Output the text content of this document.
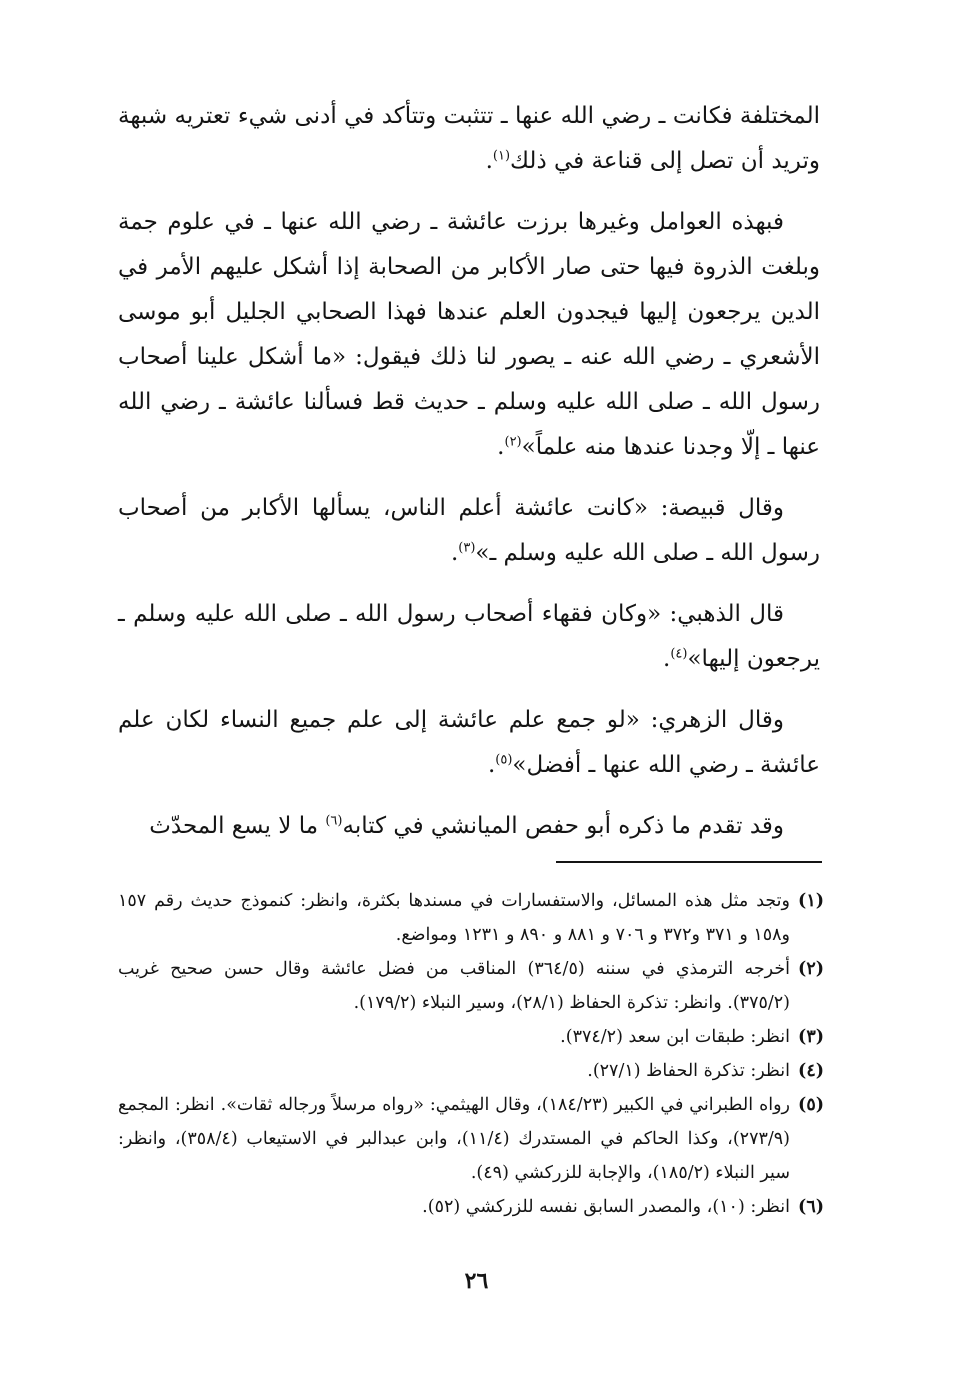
المختلفة فكانت ـ رضي الله عنها ـ تتثبت وتتأكد في أدنى شيء تعتريه شبهة وتريد أن تصل إلى قناعة في ذلك$^{(١)}$.

فبهذه العوامل وغيرها برزت عائشة ـ رضي الله عنها ـ في علوم جمة وبلغت الذروة فيها حتى صار الأكابر من الصحابة إذا أشكل عليهم الأمر في الدين يرجعون إليها فيجدون العلم عندها فهذا الصحابي الجليل أبو موسى الأشعري ـ رضي الله عنه ـ يصور لنا ذلك فيقول: «ما أشكل علينا أصحاب رسول الله ـ صلى الله عليه وسلم ـ حديث قط فسألنا عائشة ـ رضي الله عنها ـ إلّا وجدنا عندها منه علماً»$^{(٢)}$.

وقال قبيصة: «كانت عائشة أعلم الناس، يسألها الأكابر من أصحاب رسول الله ـ صلى الله عليه وسلم ـ»$^{(٣)}$.

قال الذهبي: «وكان فقهاء أصحاب رسول الله ـ صلى الله عليه وسلم ـ يرجعون إليها»$^{(٤)}$.

وقال الزهري: «لو جمع علم عائشة إلى علم جميع النساء لكان علم عائشة ـ رضي الله عنها ـ أفضل»$^{(٥)}$.

وقد تقدم ما ذكره أبو حفص الميانشي في كتابه$^{(٦)}$ ما لا يسع المحدّث

(١)
وتجد مثل هذه المسائل، والاستفسارات في مسندها بكثرة، وانظر: كنموذج حديث رقم ١٥٧ و١٥٨ و ٣٧١ و٣٧٢ و ٧٠٦ و ٨٨١ و ٨٩٠ و ١٢٣١ ومواضع.
(٢)
أخرجه الترمذي في سننه (٣٦٤/٥) المناقب من فضل عائشة وقال حسن صحيح غريب (٣٧٥/٢). وانظر: تذكرة الحفاظ (٢٨/١)، وسير النبلاء (١٧٩/٢).
(٣)
انظر: طبقات ابن سعد (٣٧٤/٢).
(٤)
انظر: تذكرة الحفاظ (٢٧/١).
(٥)
رواه الطبراني في الكبير (١٨٤/٢٣)، وقال الهيثمي: «رواه مرسلاً ورجاله ثقات». انظر: المجمع (٢٧٣/٩)، وكذا الحاكم في المستدرك (١١/٤)، وابن عبدالبر في الاستيعاب (٣٥٨/٤)، وانظر: سير النبلاء (١٨٥/٢)، والإجابة للزركشي (٤٩).
(٦)
انظر: (١٠)، والمصدر السابق نفسه للزركشي (٥٢).
٢٦
